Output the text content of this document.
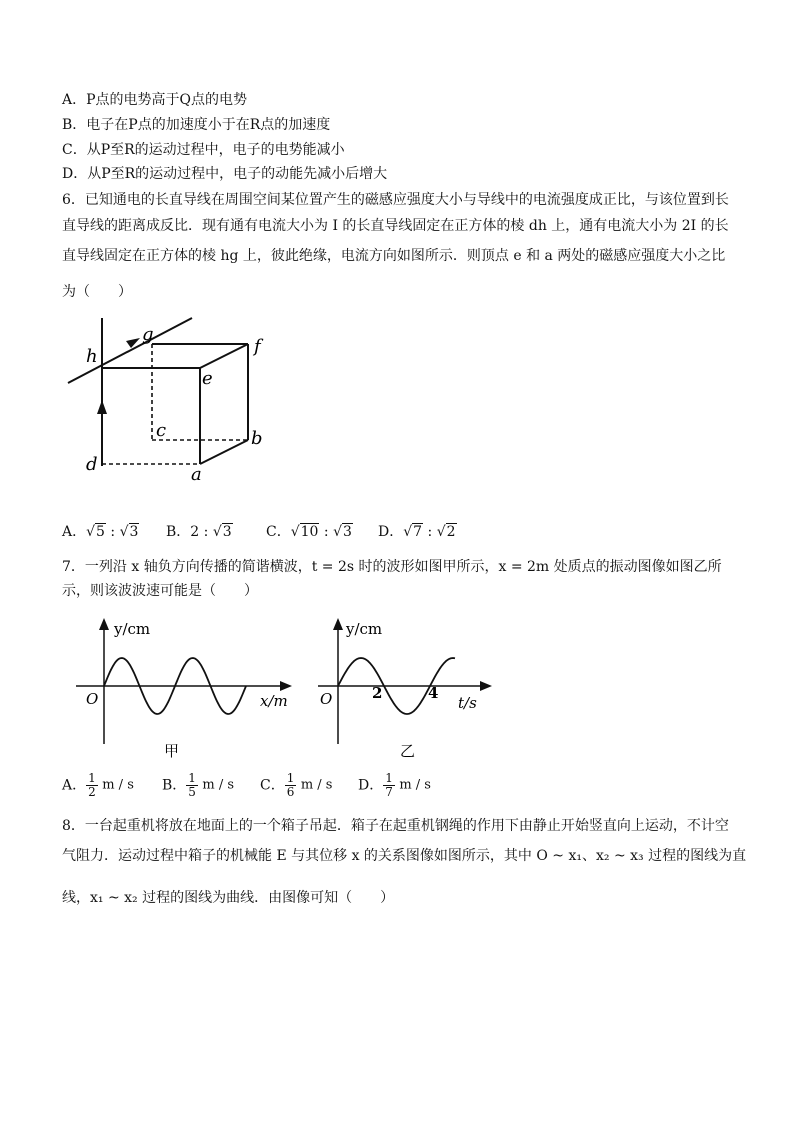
A．P点的电势高于Q点的电势
B．电子在P点的加速度小于在R点的加速度
C．从P至R的运动过程中，电子的电势能减小
D．从P至R的运动过程中，电子的动能先减小后增大
6．已知通电的长直导线在周围空间某位置产生的磁感应强度大小与导线中的电流强度成正比，与该位置到长
直导线的距离成反比．现有通有电流大小为 I 的长直导线固定在正方体的棱 dh 上，通有电流大小为 2I 的长
直导线固定在正方体的棱 hg 上，彼此绝缘，电流方向如图所示．则顶点 e 和 a 两处的磁感应强度大小之比
为（　　）
h
g
f
e
c	b
d	a
A．√5 : √3 B．2 : √3 C．√10 : √3 D．√7 : √2
7．一列沿 x 轴负方向传播的简谐横波，t = 2s 时的波形如图甲所示，x = 2m 处质点的振动图像如图乙所
示，则该波波速可能是（　　）
y/cm
O	x/m
甲
y/cm
O	2	4
t/s
乙
A． $\frac{1}{2}$ m / s B． $\frac{1}{5}$ m / s C． $\frac{1}{6}$ m / s D． $\frac{1}{7}$ m / s
8．一台起重机将放在地面上的一个箱子吊起．箱子在起重机钢绳的作用下由静止开始竖直向上运动，不计空
气阻力．运动过程中箱子的机械能 E 与其位移 x 的关系图像如图所示，其中 O ~ x₁、x₂ ~ x₃ 过程的图线为直
线，x₁ ~ x₂ 过程的图线为曲线．由图像可知（　　）
